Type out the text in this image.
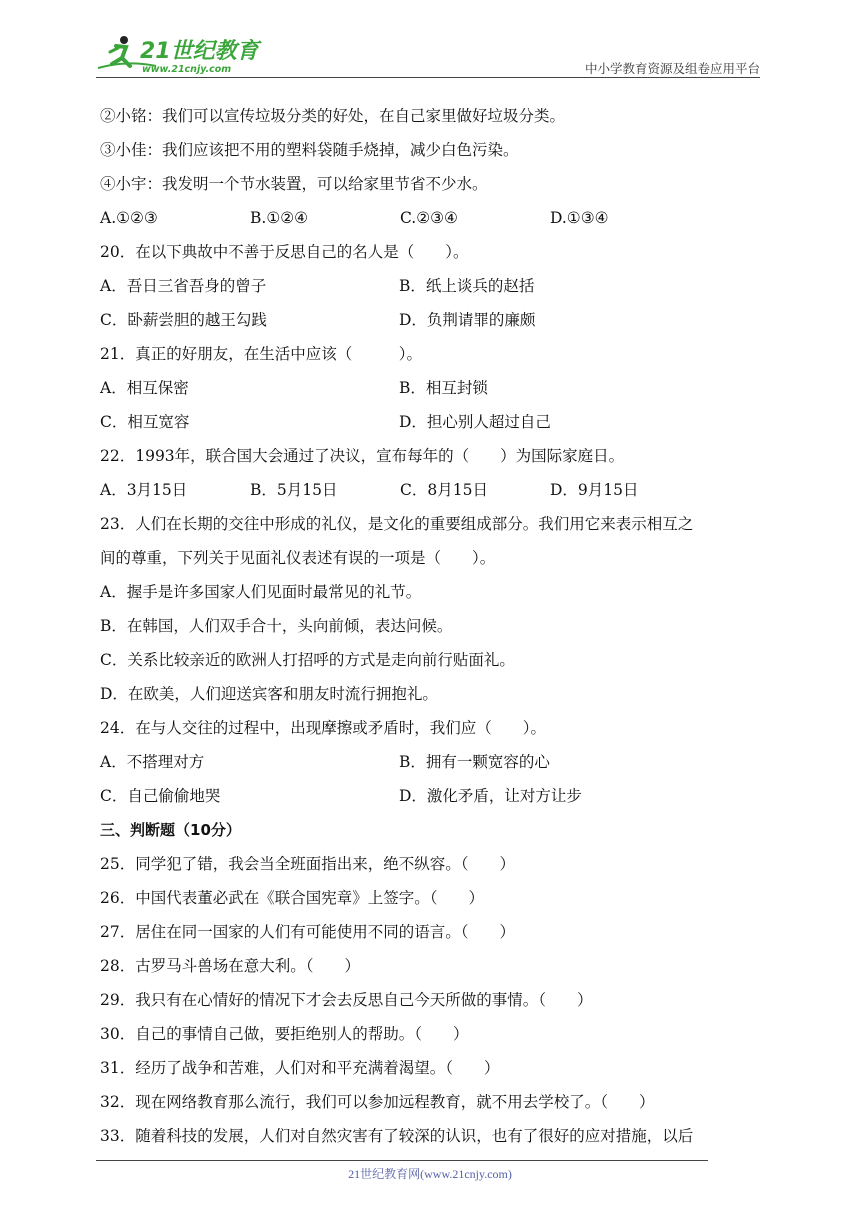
21世纪教育
www.21cnjy.com	中小学教育资源及组卷应用平台
②小铭：我们可以宣传垃圾分类的好处，在自己家里做好垃圾分类。
③小佳：我们应该把不用的塑料袋随手烧掉，减少白色污染。
④小宇：我发明一个节水装置，可以给家里节省不少水。
A.①②③	B.①②④	C.②③④	D.①③④
20．在以下典故中不善于反思自己的名人是（　　）。
A．吾日三省吾身的曾子	B．纸上谈兵的赵括
C．卧薪尝胆的越王勾践	D．负荆请罪的廉颇
21．真正的好朋友，在生活中应该（　　　）。
A．相互保密	B．相互封锁
C．相互宽容	D．担心别人超过自己
22．1993年，联合国大会通过了决议，宣布每年的（　　）为国际家庭日。
A．3月15日	B．5月15日	C．8月15日	D．9月15日
23．人们在长期的交往中形成的礼仪，是文化的重要组成部分。我们用它来表示相互之
间的尊重，下列关于见面礼仪表述有误的一项是（　　）。
A．握手是许多国家人们见面时最常见的礼节。
B．在韩国，人们双手合十，头向前倾，表达问候。
C．关系比较亲近的欧洲人打招呼的方式是走向前行贴面礼。
D．在欧美，人们迎送宾客和朋友时流行拥抱礼。
24．在与人交往的过程中，出现摩擦或矛盾时，我们应（　　）。
A．不搭理对方	B．拥有一颗宽容的心
C．自己偷偷地哭	D．激化矛盾，让对方让步
三、判断题（10分）
25．同学犯了错，我会当全班面指出来，绝不纵容。（　　）
26．中国代表董必武在《联合国宪章》上签字。（　　）
27．居住在同一国家的人们有可能使用不同的语言。（　　）
28．古罗马斗兽场在意大利。（　　）
29．我只有在心情好的情况下才会去反思自己今天所做的事情。（　　）
30．自己的事情自己做，要拒绝别人的帮助。（　　）
31．经历了战争和苦难，人们对和平充满着渴望。（　　）
32．现在网络教育那么流行，我们可以参加远程教育，就不用去学校了。（　　）
33．随着科技的发展，人们对自然灾害有了较深的认识，也有了很好的应对措施，以后
21世纪教育网(www.21cnjy.com)
